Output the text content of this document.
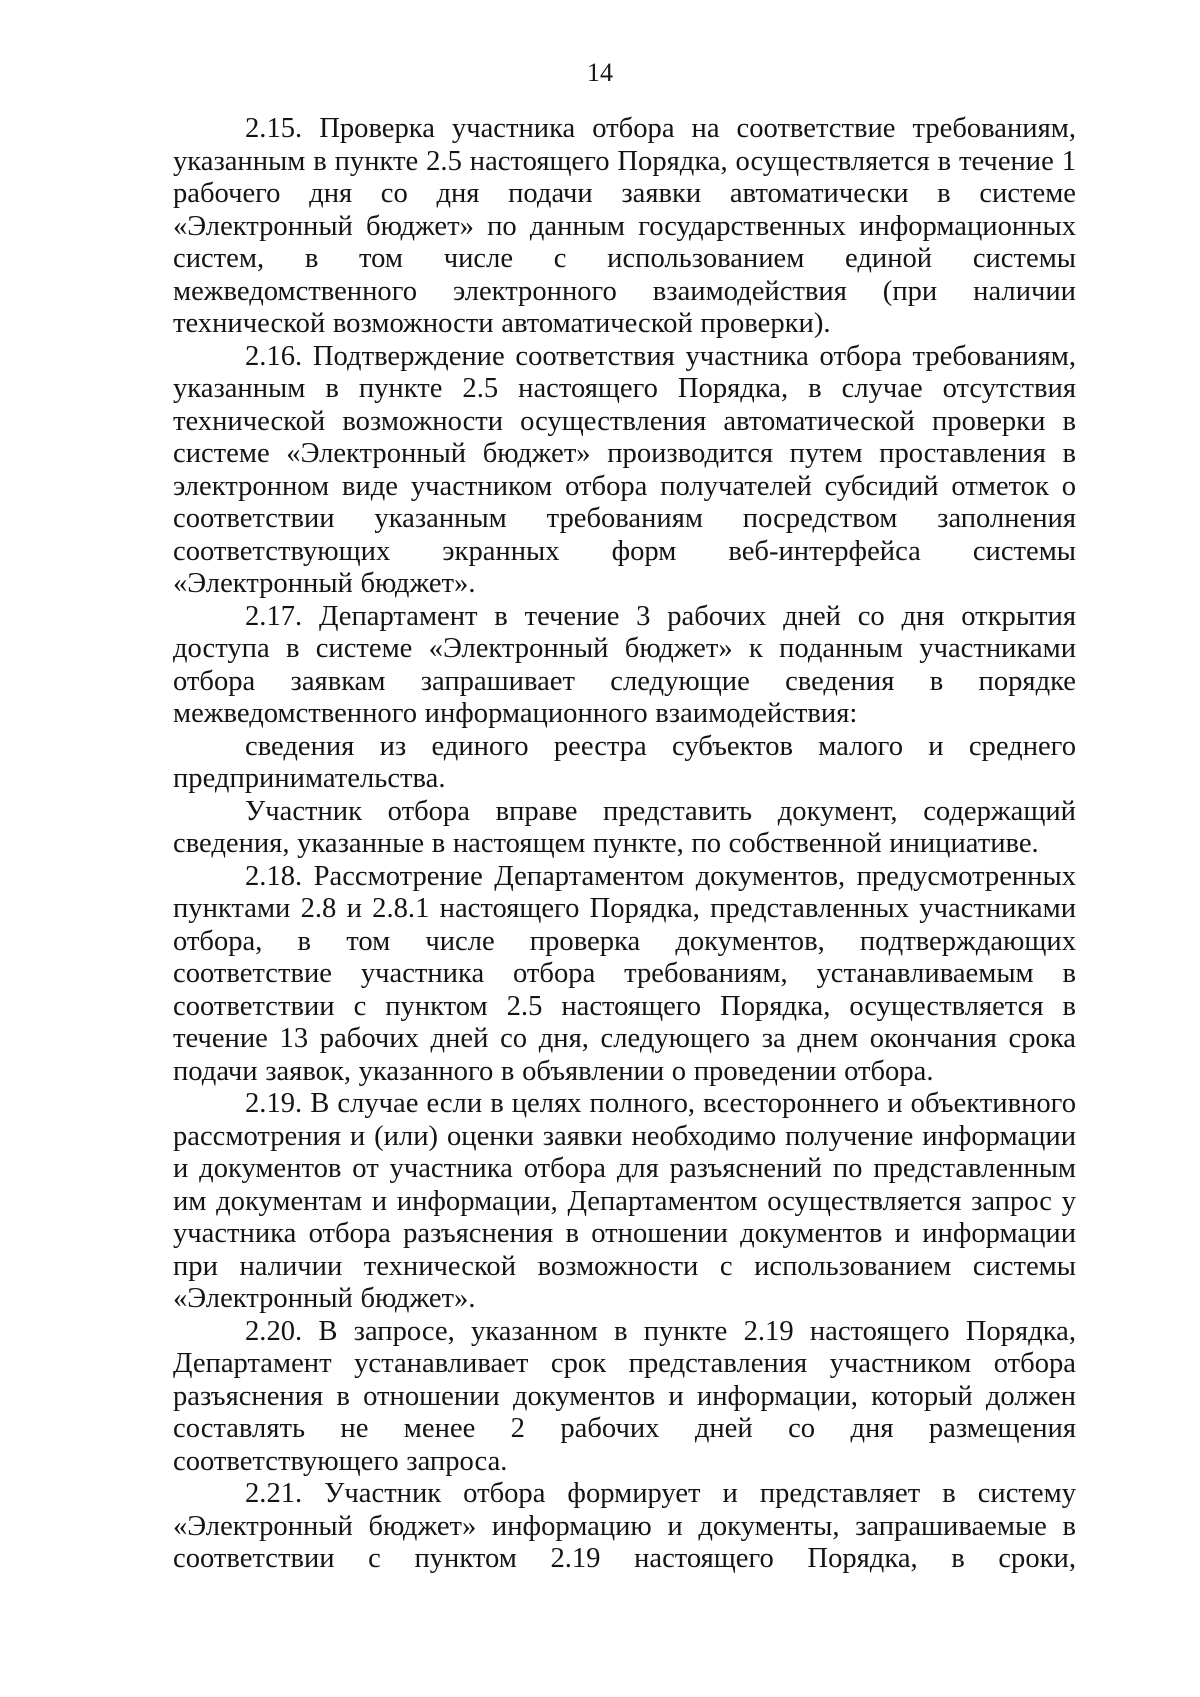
14

2.15. Проверка участника отбора на соответствие требованиям, указанным в пункте 2.5 настоящего Порядка, осуществляется в течение 1 рабочего дня со дня подачи заявки автоматически в системе «Электронный бюджет» по данным государственных информационных систем, в том числе с использованием единой системы межведомственного электронного взаимодействия (при наличии технической возможности автоматической проверки).

2.16. Подтверждение соответствия участника отбора требованиям, указанным в пункте 2.5 настоящего Порядка, в случае отсутствия технической возможности осуществления автоматической проверки в системе «Электронный бюджет» производится путем проставления в электронном виде участником отбора получателей субсидий отметок о соответствии указанным требованиям посредством заполнения соответствующих экранных форм веб-интерфейса системы «Электронный бюджет».

2.17. Департамент в течение 3 рабочих дней со дня открытия доступа в системе «Электронный бюджет» к поданным участниками отбора заявкам запрашивает следующие сведения в порядке межведомственного информационного взаимодействия:

сведения из единого реестра субъектов малого и среднего предпринимательства.

Участник отбора вправе представить документ, содержащий сведения, указанные в настоящем пункте, по собственной инициативе.

2.18. Рассмотрение Департаментом документов, предусмотренных пунктами 2.8 и 2.8.1 настоящего Порядка, представленных участниками отбора, в том числе проверка документов, подтверждающих соответствие участника отбора требованиям, устанавливаемым в соответствии с пунктом 2.5 настоящего Порядка, осуществляется в течение 13 рабочих дней со дня, следующего за днем окончания срока подачи заявок, указанного в объявлении о проведении отбора.

2.19. В случае если в целях полного, всестороннего и объективного рассмотрения и (или) оценки заявки необходимо получение информации и документов от участника отбора для разъяснений по представленным им документам и информации, Департаментом осуществляется запрос у участника отбора разъяснения в отношении документов и информации при наличии технической возможности с использованием системы «Электронный бюджет».

2.20. В запросе, указанном в пункте 2.19 настоящего Порядка, Департамент устанавливает срок представления участником отбора разъяснения в отношении документов и информации, который должен составлять не менее 2 рабочих дней со дня размещения соответствующего запроса.

2.21. Участник отбора формирует и представляет в систему «Электронный бюджет» информацию и документы, запрашиваемые в соответствии с пунктом 2.19 настоящего Порядка, в сроки,
